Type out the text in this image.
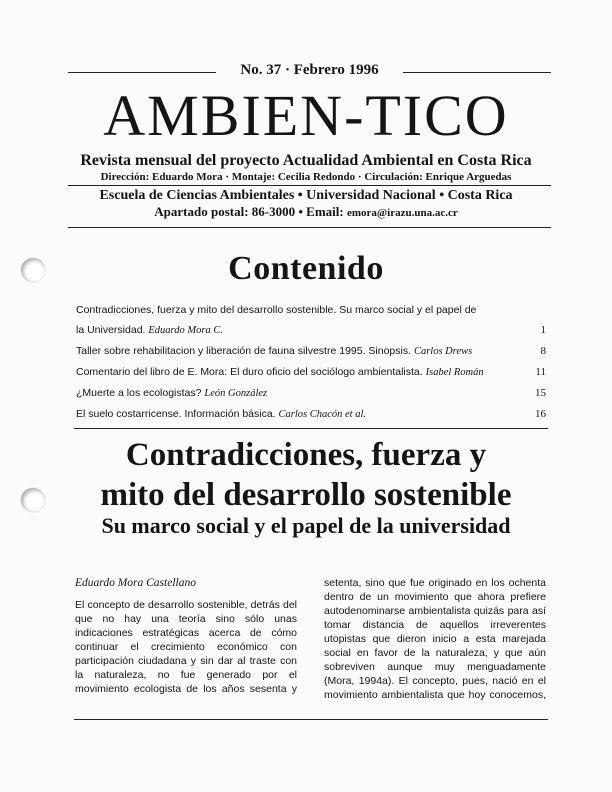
No. 37 · Febrero 1996
AMBIEN-TICO
Revista mensual del proyecto Actualidad Ambiental en Costa Rica
Dirección: Eduardo Mora · Montaje: Cecilia Redondo · Circulación: Enrique Arguedas
Escuela de Ciencias Ambientales • Universidad Nacional • Costa Rica
Apartado postal: 86-3000 • Email: emora@irazu.una.ac.cr
Contenido
Contradicciones, fuerza y mito del desarrollo sostenible. Su marco social y el papel de
la Universidad. Eduardo Mora C.	1
Taller sobre rehabilitacion y liberación de fauna silvestre 1995. Sinopsis. Carlos Drews	8
Comentario del libro de E. Mora: El duro oficio del sociólogo ambientalista. Isabel Román	11
¿Muerte a los ecologistas? León González	15
El suelo costarricense. Información básica. Carlos Chacón et al.	16
Contradicciones, fuerza y
mito del desarrollo sostenible
Su marco social y el papel de la universidad
Eduardo Mora Castellano
El concepto de desarrollo sostenible, detrás del
que no hay una teoría sino sólo unas
indicaciones estratégicas acerca de cómo
continuar el crecimiento económico con
participación ciudadana y sin dar al traste con
la naturaleza, no fue generado por el
movimiento ecologista de los años sesenta y
setenta, sino que fue originado en los ochenta
dentro de un movimiento que ahora prefiere
autodenominarse ambientalista quizás para así
tomar distancia de aquellos irreverentes
utopistas que dieron inicio a esta marejada
social en favor de la naturaleza, y que aún
sobreviven aunque muy menguadamente
(Mora, 1994a). El concepto, pues, nació en el
movimiento ambientalista que hoy conocemos,
